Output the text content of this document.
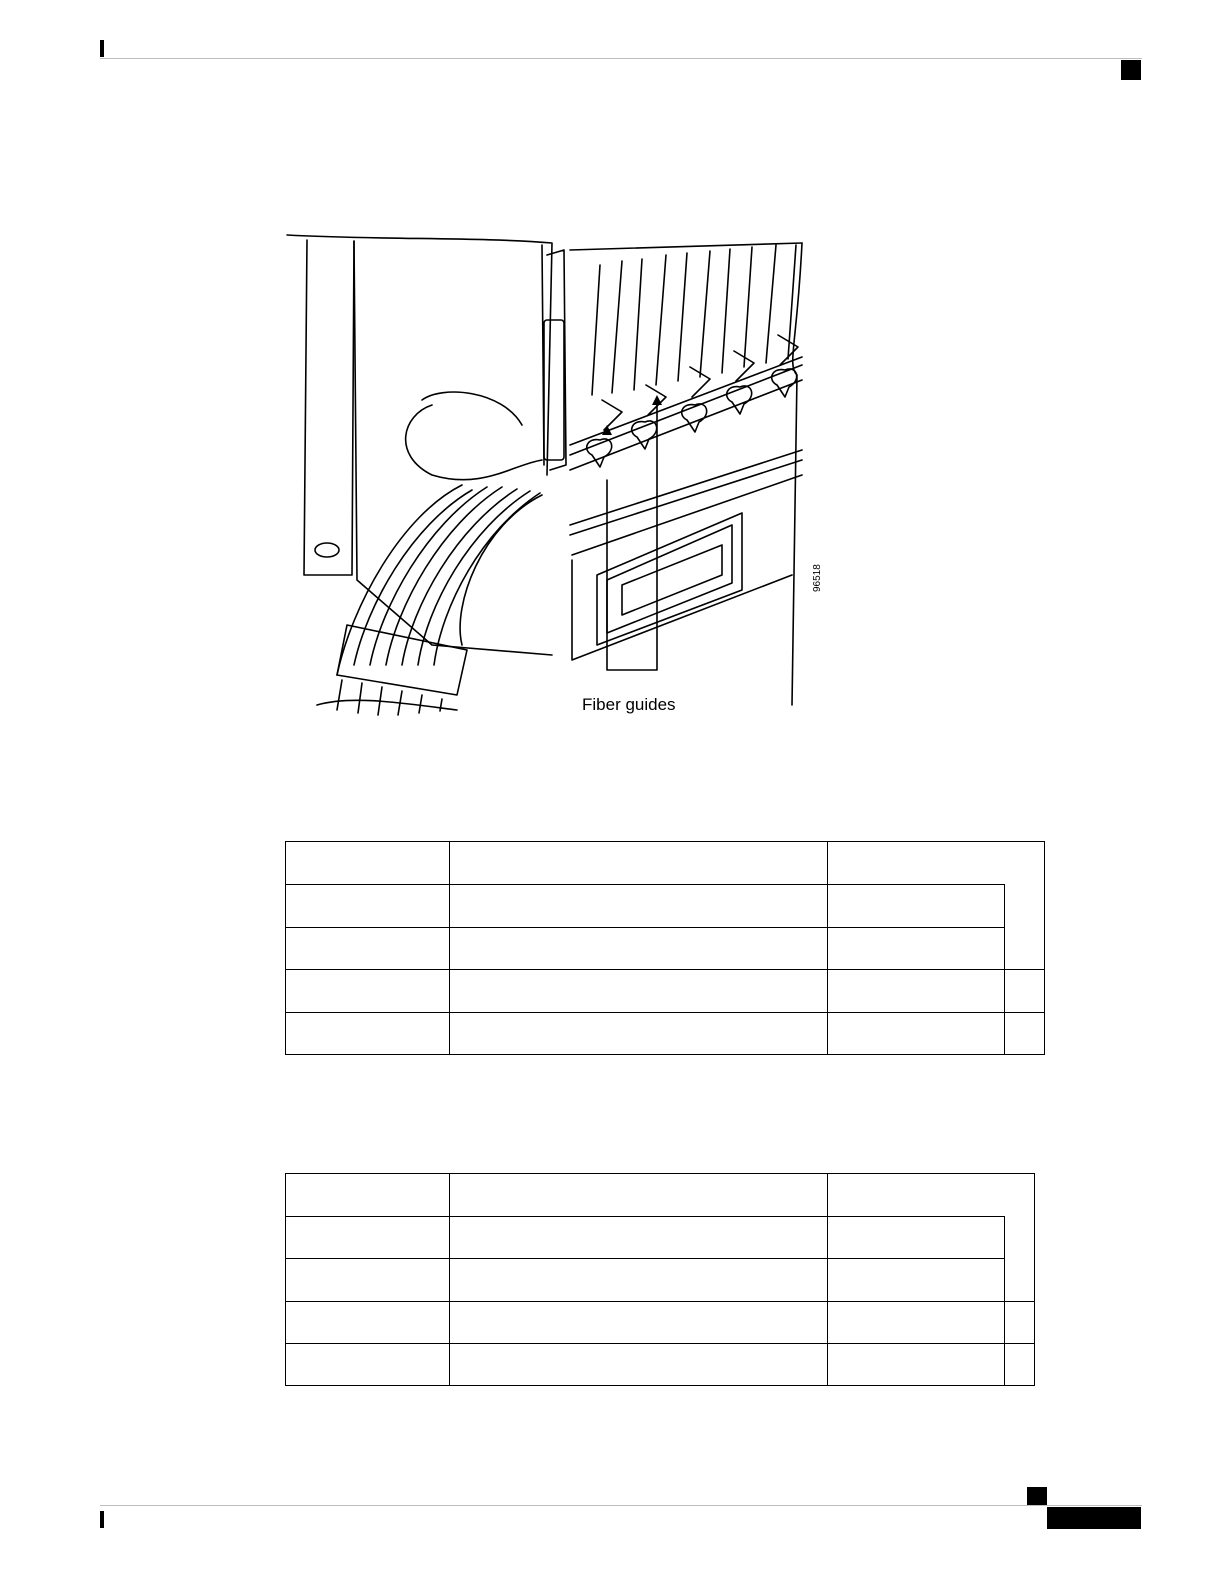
Fiber guides
96518
